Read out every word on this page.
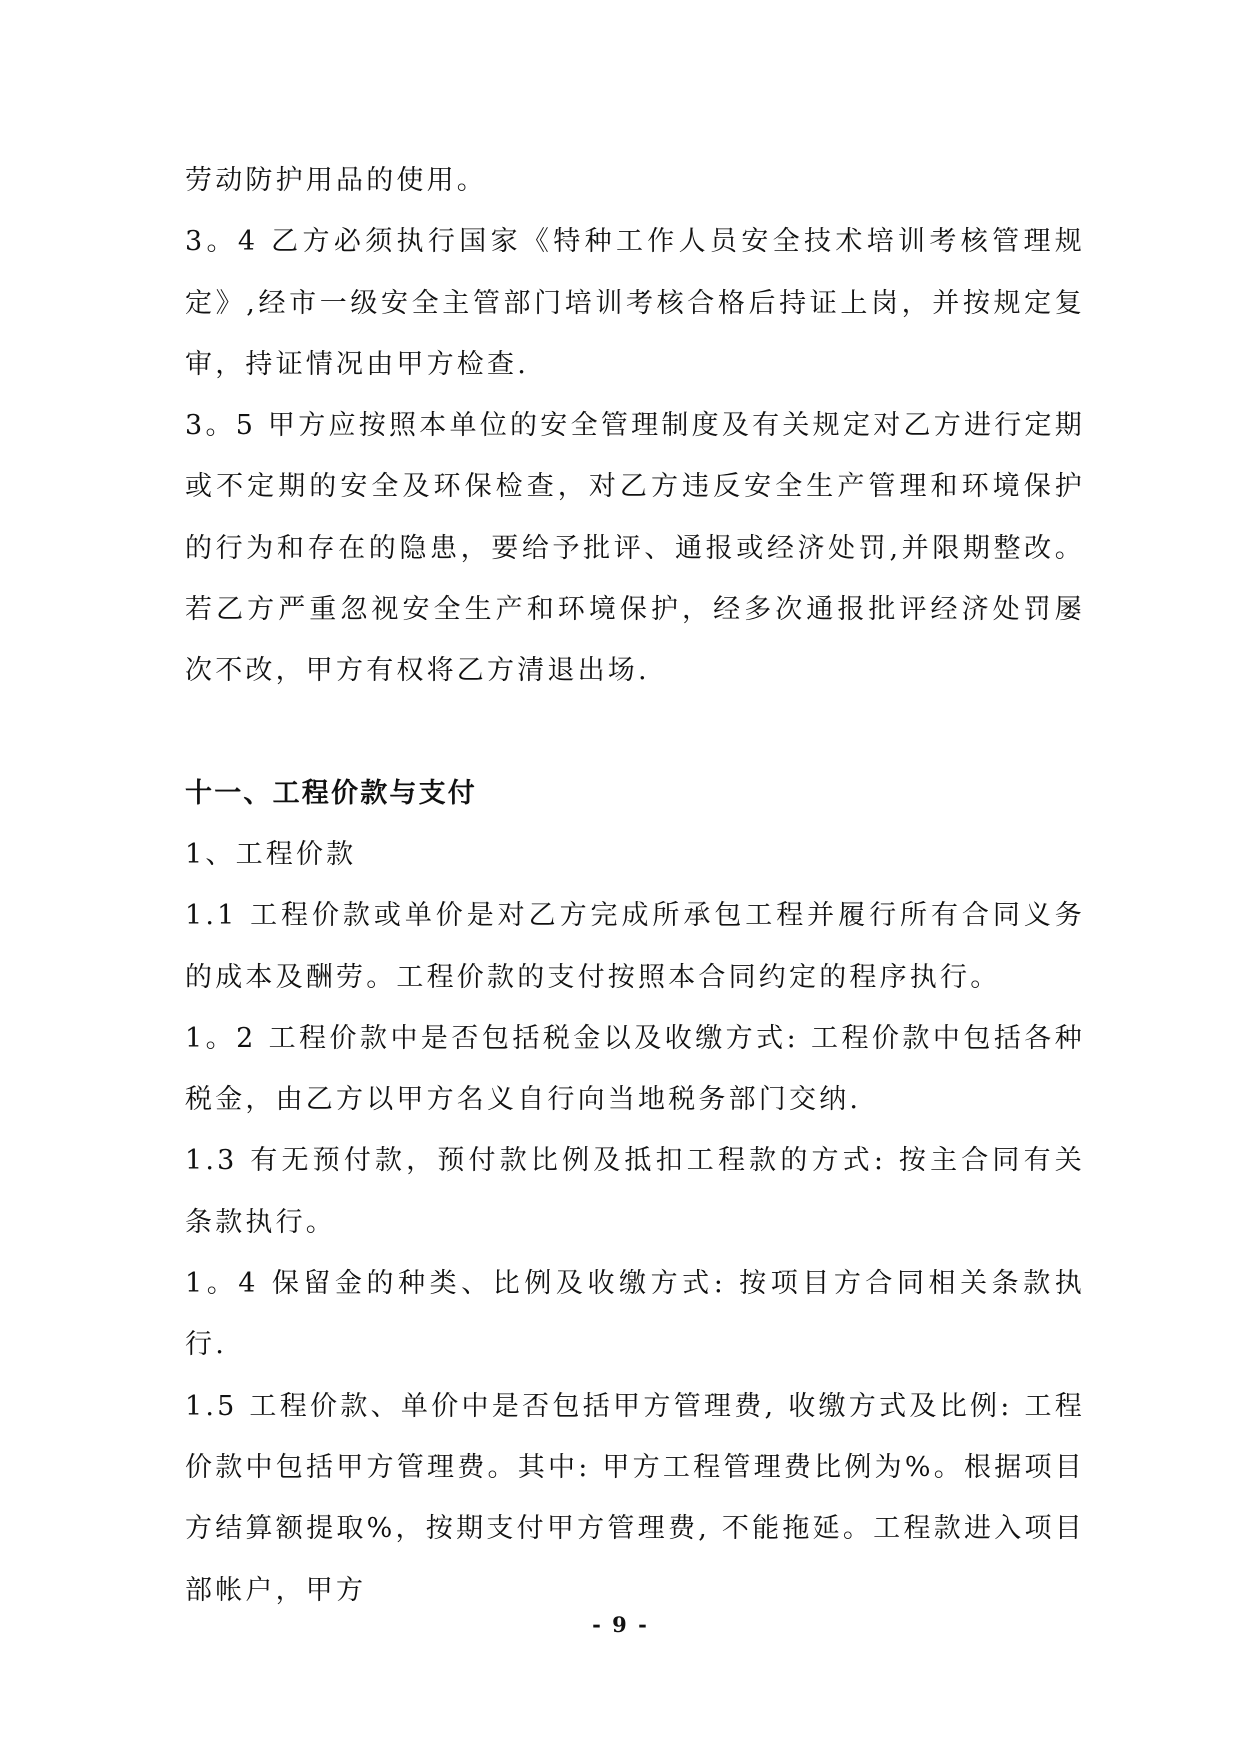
劳动防护用品的使用。

3。4 乙方必须执行国家《特种工作人员安全技术培训考核管理规定》,经市一级安全主管部门培训考核合格后持证上岗，并按规定复审，持证情况由甲方检查.

3。5 甲方应按照本单位的安全管理制度及有关规定对乙方进行定期或不定期的安全及环保检查，对乙方违反安全生产管理和环境保护的行为和存在的隐患，要给予批评、通报或经济处罚,并限期整改。若乙方严重忽视安全生产和环境保护，经多次通报批评经济处罚屡次不改，甲方有权将乙方清退出场.

十一、工程价款与支付

1、工程价款

1.1 工程价款或单价是对乙方完成所承包工程并履行所有合同义务的成本及酬劳。工程价款的支付按照本合同约定的程序执行。

1。2 工程价款中是否包括税金以及收缴方式: 工程价款中包括各种税金，由乙方以甲方名义自行向当地税务部门交纳.

1.3 有无预付款，预付款比例及抵扣工程款的方式: 按主合同有关条款执行。

1。4 保留金的种类、比例及收缴方式: 按项目方合同相关条款执行.

1.5 工程价款、单价中是否包括甲方管理费, 收缴方式及比例: 工程价款中包括甲方管理费。其中: 甲方工程管理费比例为%。根据项目方结算额提取%，按期支付甲方管理费, 不能拖延。工程款进入项目部帐户，甲方

- 9 -
